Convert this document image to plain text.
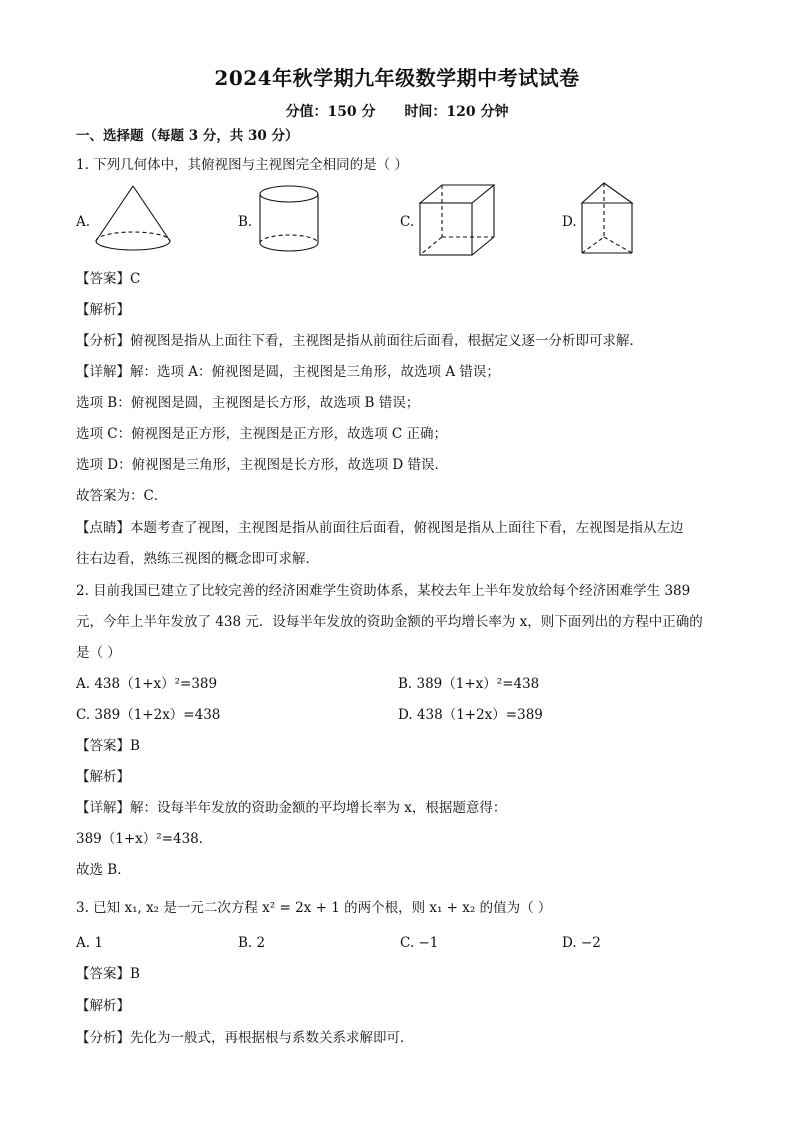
2024年秋学期九年级数学期中考试试卷
分值：150 分 时间：120 分钟
一、选择题（每题 3 分，共 30 分）
1. 下列几何体中，其俯视图与主视图完全相同的是（ ）
A.	B.	C.	D.
【答案】C
【解析】
【分析】俯视图是指从上面往下看，主视图是指从前面往后面看，根据定义逐一分析即可求解．
【详解】解：选项 A：俯视图是圆，主视图是三角形，故选项 A 错误；
选项 B：俯视图是圆，主视图是长方形，故选项 B 错误；
选项 C：俯视图是正方形，主视图是正方形，故选项 C 正确；
选项 D：俯视图是三角形，主视图是长方形，故选项 D 错误．
故答案为：C．
【点睛】本题考查了视图，主视图是指从前面往后面看，俯视图是指从上面往下看，左视图是指从左边
往右边看，熟练三视图的概念即可求解．
2. 目前我国已建立了比较完善的经济困难学生资助体系，某校去年上半年发放给每个经济困难学生 389
元，今年上半年发放了 438 元．设每半年发放的资助金额的平均增长率为 x，则下面列出的方程中正确的
是（ ）
A. 438（1+x）²=389	B. 389（1+x）²=438
C. 389（1+2x）=438	D. 438（1+2x）=389
【答案】B
【解析】
【详解】解：设每半年发放的资助金额的平均增长率为 x，根据题意得：
389（1+x）²=438．
故选 B．
3. 已知 x₁, x₂ 是一元二次方程 x² = 2x + 1 的两个根，则 x₁ + x₂ 的值为（ ）
A. 1	B. 2	C. −1	D. −2
【答案】B
【解析】
【分析】先化为一般式，再根据根与系数关系求解即可．
